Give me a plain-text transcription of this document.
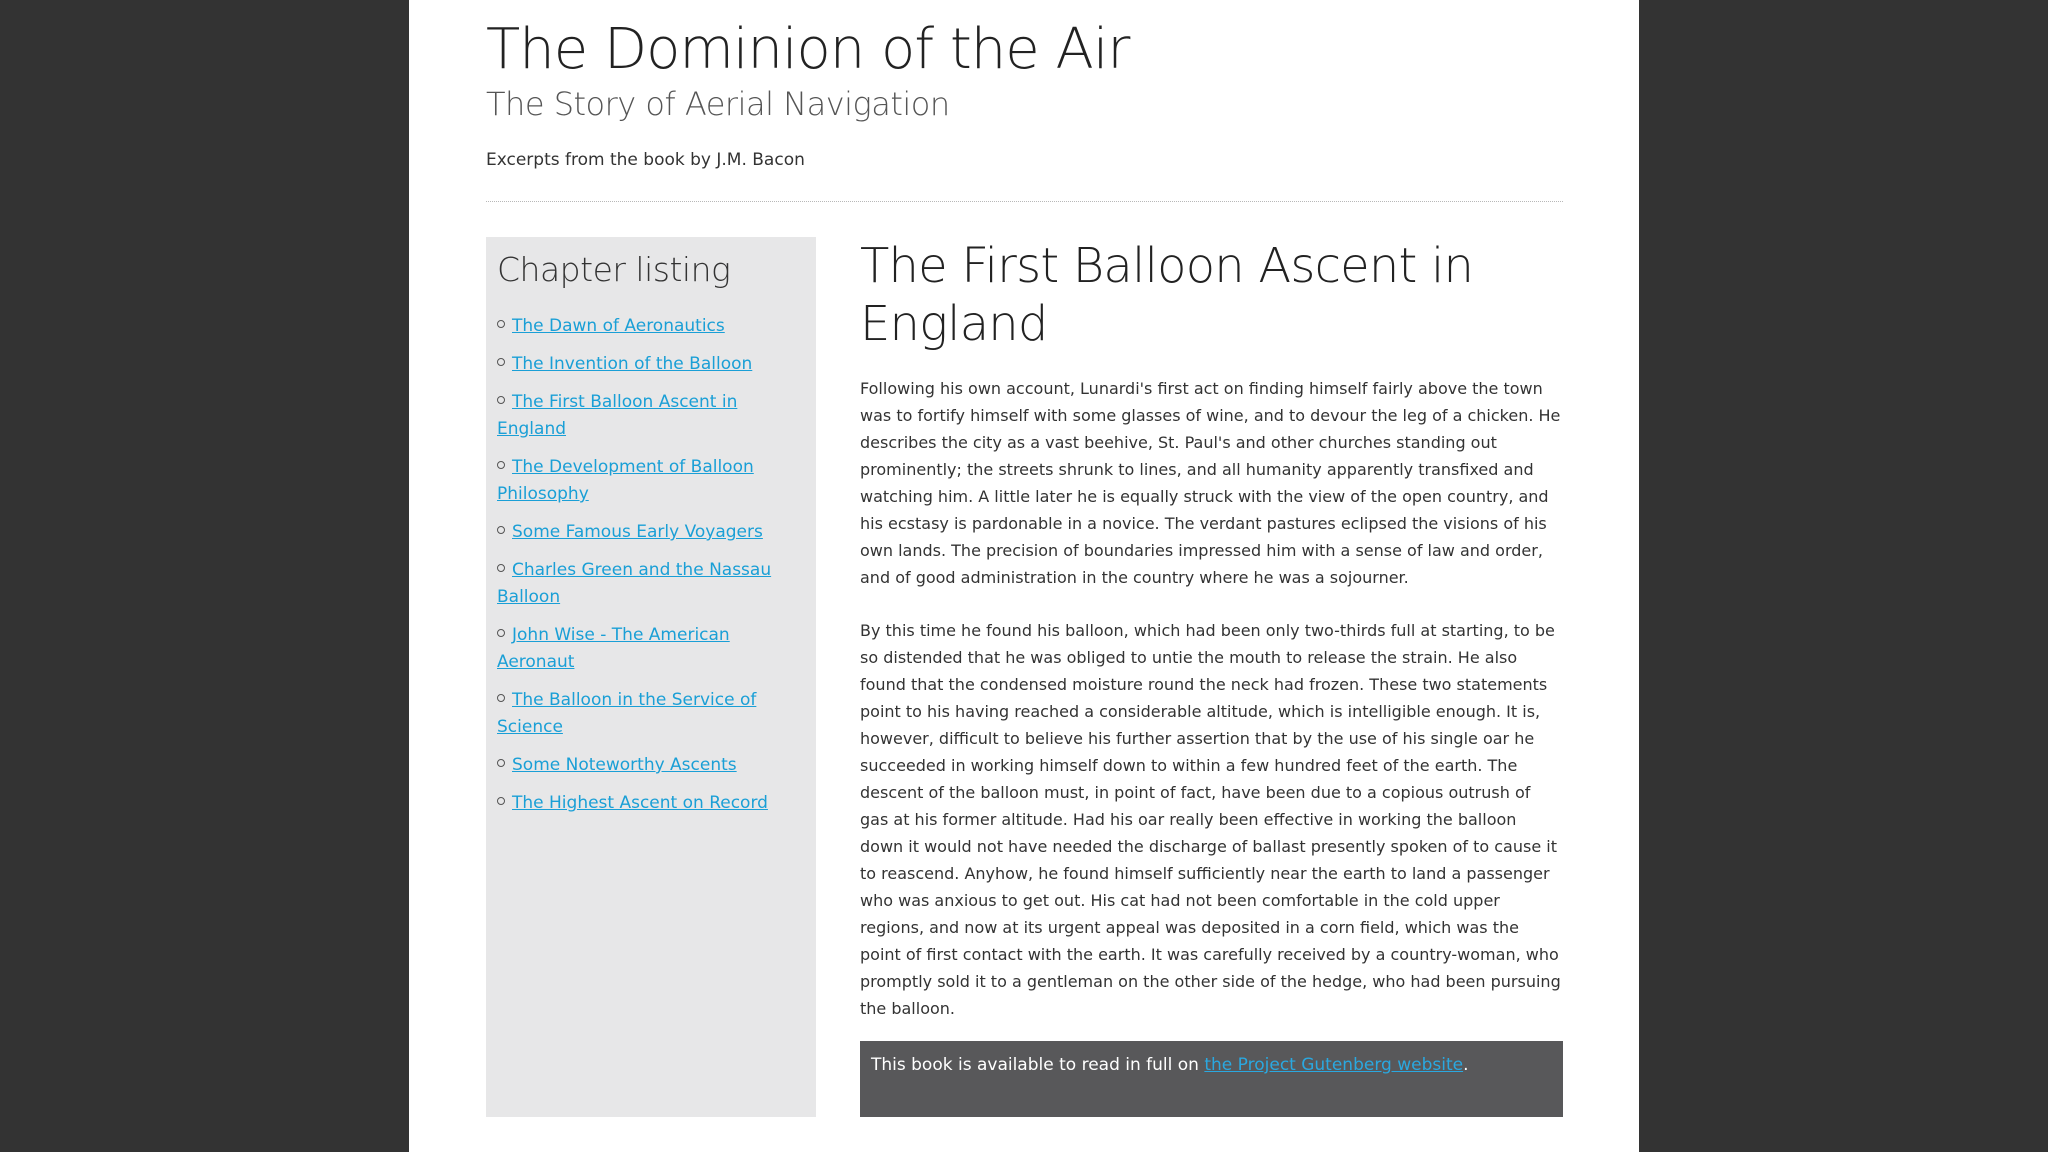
The Dominion of the Air
The Story of Aerial Navigation

Excerpts from the book by J.M. Bacon

Chapter listing
The Dawn of Aeronautics
The Invention of the Balloon
The First Balloon Ascent in England
The Development of Balloon Philosophy
Some Famous Early Voyagers
Charles Green and the Nassau Balloon
John Wise - The American Aeronaut
The Balloon in the Service of Science
Some Noteworthy Ascents
The Highest Ascent on Record
The First Balloon Ascent in England

Following his own account, Lunardi's first act on finding himself fairly above the town was to fortify himself with some glasses of wine, and to devour the leg of a chicken. He describes the city as a vast beehive, St. Paul's and other churches standing out prominently; the streets shrunk to lines, and all humanity apparently transfixed and watching him. A little later he is equally struck with the view of the open country, and his ecstasy is pardonable in a novice. The verdant pastures eclipsed the visions of his own lands. The precision of boundaries impressed him with a sense of law and order, and of good administration in the country where he was a sojourner.

By this time he found his balloon, which had been only two-thirds full at starting, to be so distended that he was obliged to untie the mouth to release the strain. He also found that the condensed moisture round the neck had frozen. These two statements point to his having reached a considerable altitude, which is intelligible enough. It is, however, difficult to believe his further assertion that by the use of his single oar he succeeded in working himself down to within a few hundred feet of the earth. The descent of the balloon must, in point of fact, have been due to a copious outrush of gas at his former altitude. Had his oar really been effective in working the balloon down it would not have needed the discharge of ballast presently spoken of to cause it to reascend. Anyhow, he found himself sufficiently near the earth to land a passenger who was anxious to get out. His cat had not been comfortable in the cold upper regions, and now at its urgent appeal was deposited in a corn field, which was the point of first contact with the earth. It was carefully received by a country-woman, who promptly sold it to a gentleman on the other side of the hedge, who had been pursuing the balloon.

This book is available to read in full on the Project Gutenberg website.
